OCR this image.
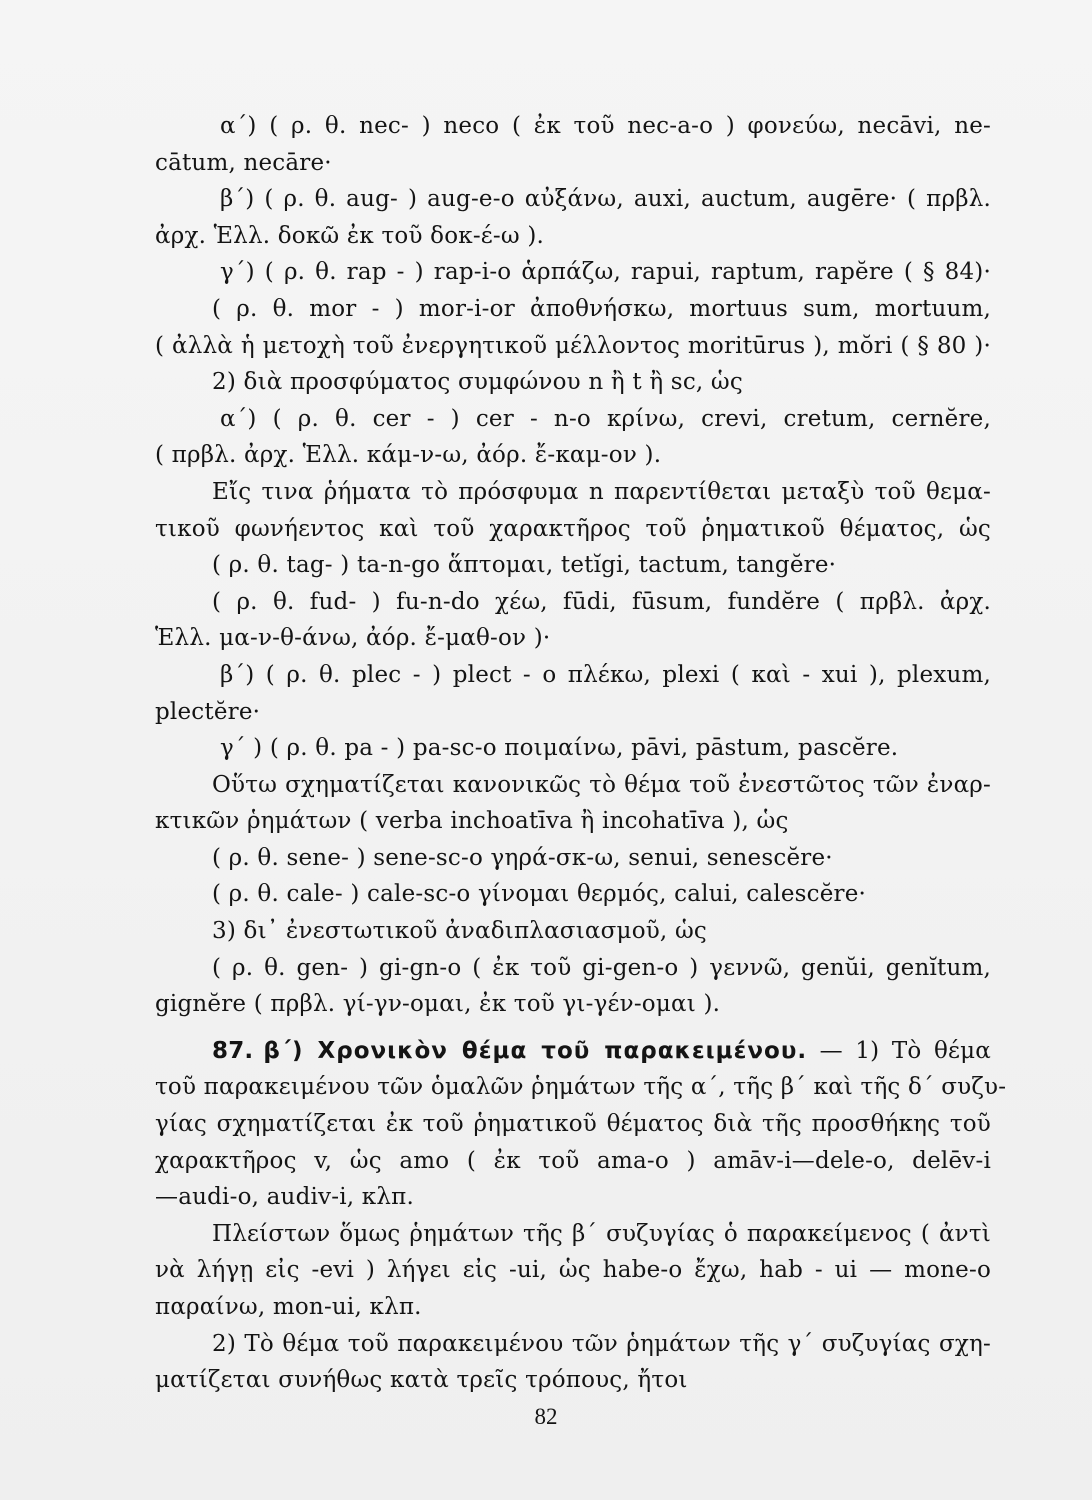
α΄) ( ρ. θ. nec- ) neco ( ἐκ τοῦ nec-a-o ) φονεύω, necāvi, ne-
cātum, necāre·
β΄) ( ρ. θ. aug- ) aug-e-o αὐξάνω, auxi, auctum, augēre· ( πρβλ.
ἀρχ. Ἑλλ. δοκῶ ἐκ τοῦ δοκ-έ-ω ).
γ΄) ( ρ. θ. rap - ) rap-i-o ἁρπάζω, rapui, raptum, rapĕre ( § 84)·
( ρ. θ. mor - ) mor-i-or ἀποθνήσκω, mortuus sum, mortuum,
( ἀλλὰ ἡ μετοχὴ τοῦ ἐνεργητικοῦ μέλλοντος moritūrus ), mŏri ( § 80 )·
2) διὰ προσφύματος συμφώνου n ἢ t ἢ sc, ὡς
α΄) ( ρ. θ. cer - ) cer - n-o κρίνω, crevi, cretum, cernĕre,
( πρβλ. ἀρχ. Ἑλλ. κάμ-ν-ω, ἀόρ. ἔ-καμ-ον ).
Εἴς τινα ῥήματα τὸ πρόσφυμα n παρεντίθεται μεταξὺ τοῦ θεμα-
τικοῦ φωνήεντος καὶ τοῦ χαρακτῆρος τοῦ ῥηματικοῦ θέματος, ὡς
( ρ. θ. tag- ) ta-n-go ἅπτομαι, tetĭgi, tactum, tangĕre·
( ρ. θ. fud- ) fu-n-do χέω, fūdi, fūsum, fundĕre ( πρβλ. ἀρχ.
Ἑλλ. μα-ν-θ-άνω, ἀόρ. ἔ-μαθ-ον )·
β΄) ( ρ. θ. plec - ) plect - o πλέκω, plexi ( καὶ - xui ), plexum,
plectĕre·
γ΄ ) ( ρ. θ. pa - ) pa-sc-o ποιμαίνω, pāvi, pāstum, pascĕre.
Οὕτω σχηματίζεται κανονικῶς τὸ θέμα τοῦ ἐνεστῶτος τῶν ἐναρ-
κτικῶν ῥημάτων ( verba inchoatīva ἢ incohatīva ), ὡς
( ρ. θ. sene- ) sene-sc-o γηρά-σκ-ω, senui, senescĕre·
( ρ. θ. cale- ) cale-sc-o γίνομαι θερμός, calui, calescĕre·
3) δι᾿ ἐνεστωτικοῦ ἀναδιπλασιασμοῦ, ὡς
( ρ. θ. gen- ) gi-gn-o ( ἐκ τοῦ gi-gen-o ) γεννῶ, genŭi, genĭtum,
gignĕre ( πρβλ. γί-γν-ομαι, ἐκ τοῦ γι-γέν-ομαι ).
87. β΄) Χρονικὸν θέμα τοῦ παρακειμένου. — 1) Τὸ θέμα
τοῦ παρακειμένου τῶν ὁμαλῶν ῥημάτων τῆς α΄, τῆς β΄ καὶ τῆς δ΄ συζυ-
γίας σχηματίζεται ἐκ τοῦ ῥηματικοῦ θέματος διὰ τῆς προσθήκης τοῦ
χαρακτῆρος v, ὡς amo ( ἐκ τοῦ ama-o ) amāv-i—dele-o, delēv-i
—audi-o, audiv-i, κλπ.
Πλείστων ὅμως ῥημάτων τῆς β΄ συζυγίας ὁ παρακείμενος ( ἀντὶ
νὰ λήγῃ εἰς -evi ) λήγει εἰς -ui, ὡς habe-o ἔχω, hab - ui — mone-o
παραίνω, mon-ui, κλπ.
2) Τὸ θέμα τοῦ παρακειμένου τῶν ῥημάτων τῆς γ΄ συζυγίας σχη-
ματίζεται συνήθως κατὰ τρεῖς τρόπους, ἤτοι
82
